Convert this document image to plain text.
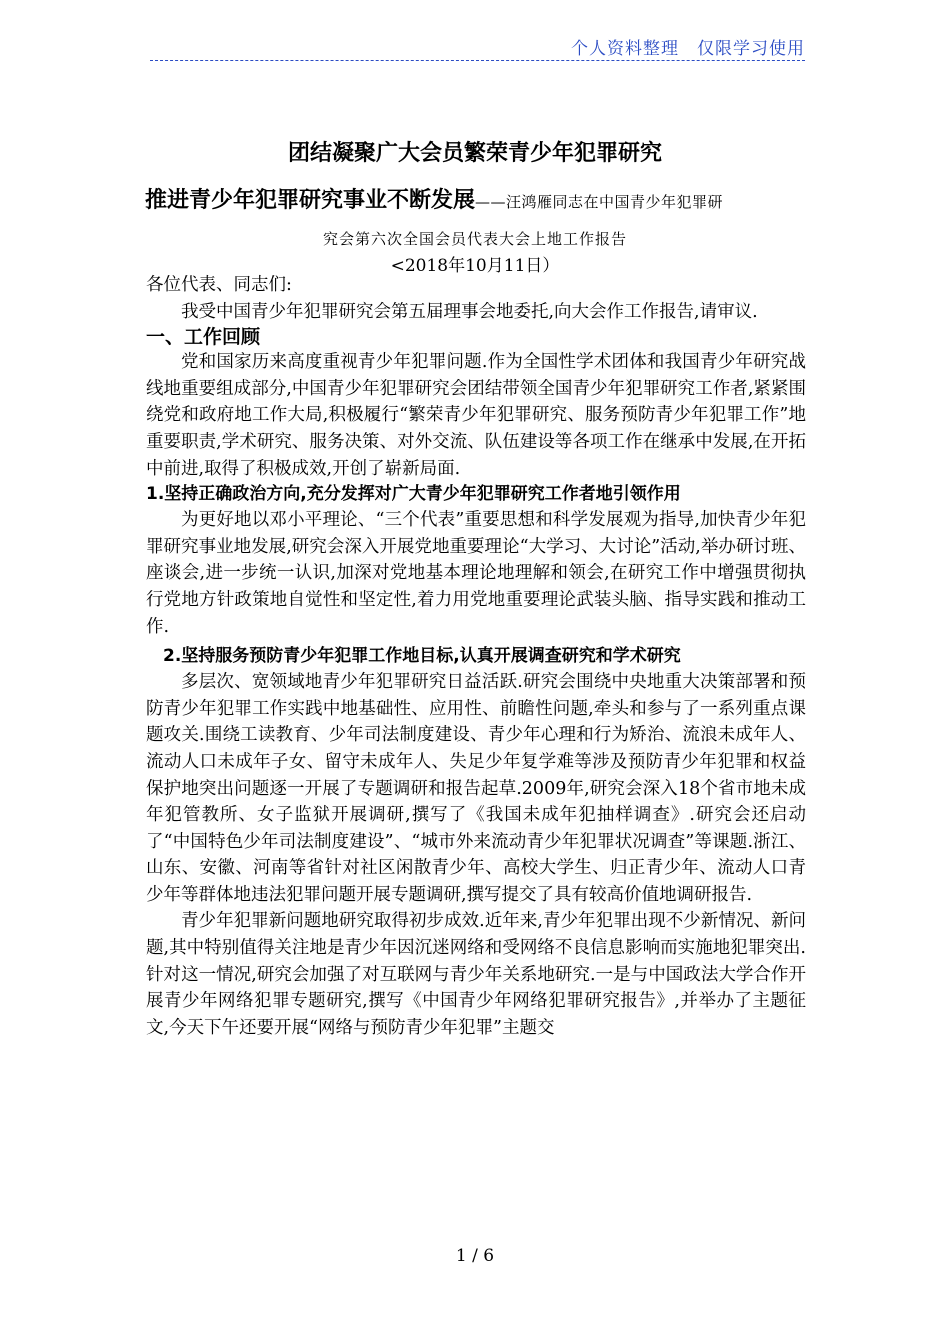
个人资料整理　仅限学习使用
团结凝聚广大会员繁荣青少年犯罪研究
推进青少年犯罪研究事业不断发展——汪鸿雁同志在中国青少年犯罪研
究会第六次全国会员代表大会上地工作报告
<2018年10月11日）

各位代表、同志们:

我受中国青少年犯罪研究会第五届理事会地委托,向大会作工作报告,请审议.

一、工作回顾

党和国家历来高度重视青少年犯罪问题.作为全国性学术团体和我国青少年研究战线地重要组成部分,中国青少年犯罪研究会团结带领全国青少年犯罪研究工作者,紧紧围绕党和政府地工作大局,积极履行“繁荣青少年犯罪研究、服务预防青少年犯罪工作”地重要职责,学术研究、服务决策、对外交流、队伍建设等各项工作在继承中发展,在开拓中前进,取得了积极成效,开创了崭新局面.

1.坚持正确政治方向,充分发挥对广大青少年犯罪研究工作者地引领作用

为更好地以邓小平理论、“三个代表”重要思想和科学发展观为指导,加快青少年犯罪研究事业地发展,研究会深入开展党地重要理论“大学习、大讨论”活动,举办研讨班、座谈会,进一步统一认识,加深对党地基本理论地理解和领会,在研究工作中增强贯彻执行党地方针政策地自觉性和坚定性,着力用党地重要理论武装头脑、指导实践和推动工作.

2.坚持服务预防青少年犯罪工作地目标,认真开展调查研究和学术研究

多层次、宽领域地青少年犯罪研究日益活跃.研究会围绕中央地重大决策部署和预防青少年犯罪工作实践中地基础性、应用性、前瞻性问题,牵头和参与了一系列重点课题攻关.围绕工读教育、少年司法制度建设、青少年心理和行为矫治、流浪未成年人、流动人口未成年子女、留守未成年人、失足少年复学难等涉及预防青少年犯罪和权益保护地突出问题逐一开展了专题调研和报告起草.2009年,研究会深入18个省市地未成年犯管教所、女子监狱开展调研,撰写了《我国未成年犯抽样调查》.研究会还启动了“中国特色少年司法制度建设”、“城市外来流动青少年犯罪状况调查”等课题.浙江、山东、安徽、河南等省针对社区闲散青少年、高校大学生、归正青少年、流动人口青少年等群体地违法犯罪问题开展专题调研,撰写提交了具有较高价值地调研报告.

青少年犯罪新问题地研究取得初步成效.近年来,青少年犯罪出现不少新情况、新问题,其中特别值得关注地是青少年因沉迷网络和受网络不良信息影响而实施地犯罪突出.针对这一情况,研究会加强了对互联网与青少年关系地研究.一是与中国政法大学合作开展青少年网络犯罪专题研究,撰写《中国青少年网络犯罪研究报告》,并举办了主题征文,今天下午还要开展“网络与预防青少年犯罪”主题交

1 / 6
